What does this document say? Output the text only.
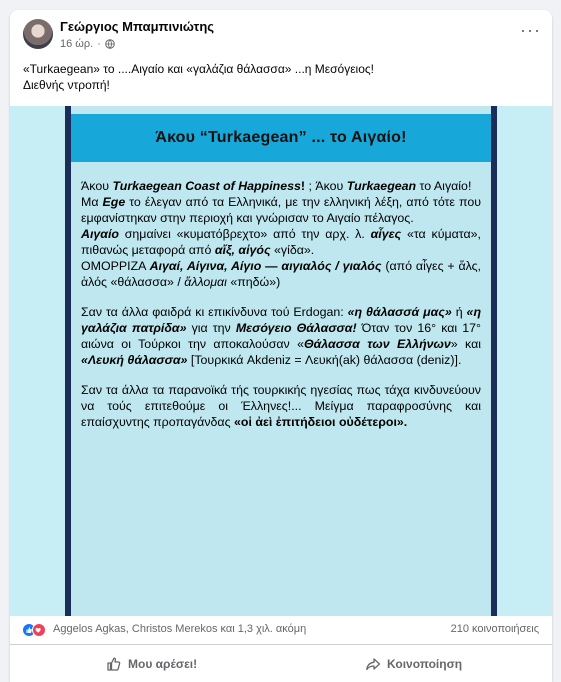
Γεώργιος Μπαμπινιώτης
16 ώρ. ·
···
«Turkaegean» το ....Αιγαίο και «γαλάζια θάλασσα» ...η Μεσόγειος!
Διεθνής ντροπή!
Άκου “Turkaegean” ... το Αιγαίο!

Άκου Turkaegean Coast of Happiness! ; Άκου Turkaegean το Αιγαίο!
Μα Ege το έλεγαν από τα Ελληνικά, με την ελληνική λέξη, από τότε που εμφανίστηκαν στην περιοχή και γνώρισαν το Αιγαίο πέλαγος.
Αιγαίο σημαίνει «κυματόβρεχτο» από την αρχ. λ. αἶγες «τα κύματα», πιθανώς μεταφορά από αἴξ, αἰγός «γίδα».
ΟΜΟΡΡΙΖΑ Αιγαί, Αίγινα, Αίγιο — αιγιαλός / γιαλός (από αἶγες + ἅλς, ἁλός «θάλασσα» / ἅλλομαι «πηδώ»)

Σαν τα άλλα φαιδρά κι επικίνδυνα τού Erdogan: «η θάλασσά μας» ή «η γαλάζια πατρίδα» για την Μεσόγειο Θάλασσα! Όταν τον 16° και 17° αιώνα οι Τούρκοι την αποκαλούσαν «Θάλασσα των Ελλήνων» και «Λευκή θάλασσα» [Τουρκικά Akdeniz = Λευκή(ak) θάλασσα (deniz)].

Σαν τα άλλα τα παρανοϊκά τής τουρκικής ηγεσίας πως τάχα κινδυνεύουν να τούς επιτεθούμε οι Έλληνες!... Μείγμα παραφροσύνης και επαίσχυντης προπαγάνδας «οἱ ἀεὶ ἐπιτήδειοι οὐδέτεροι».

Aggelos Agkas, Christos Merekos και 1,3 χιλ. ακόμη	210 κοινοποιήσεις
Μου αρέσει!	Κοινοποίηση
